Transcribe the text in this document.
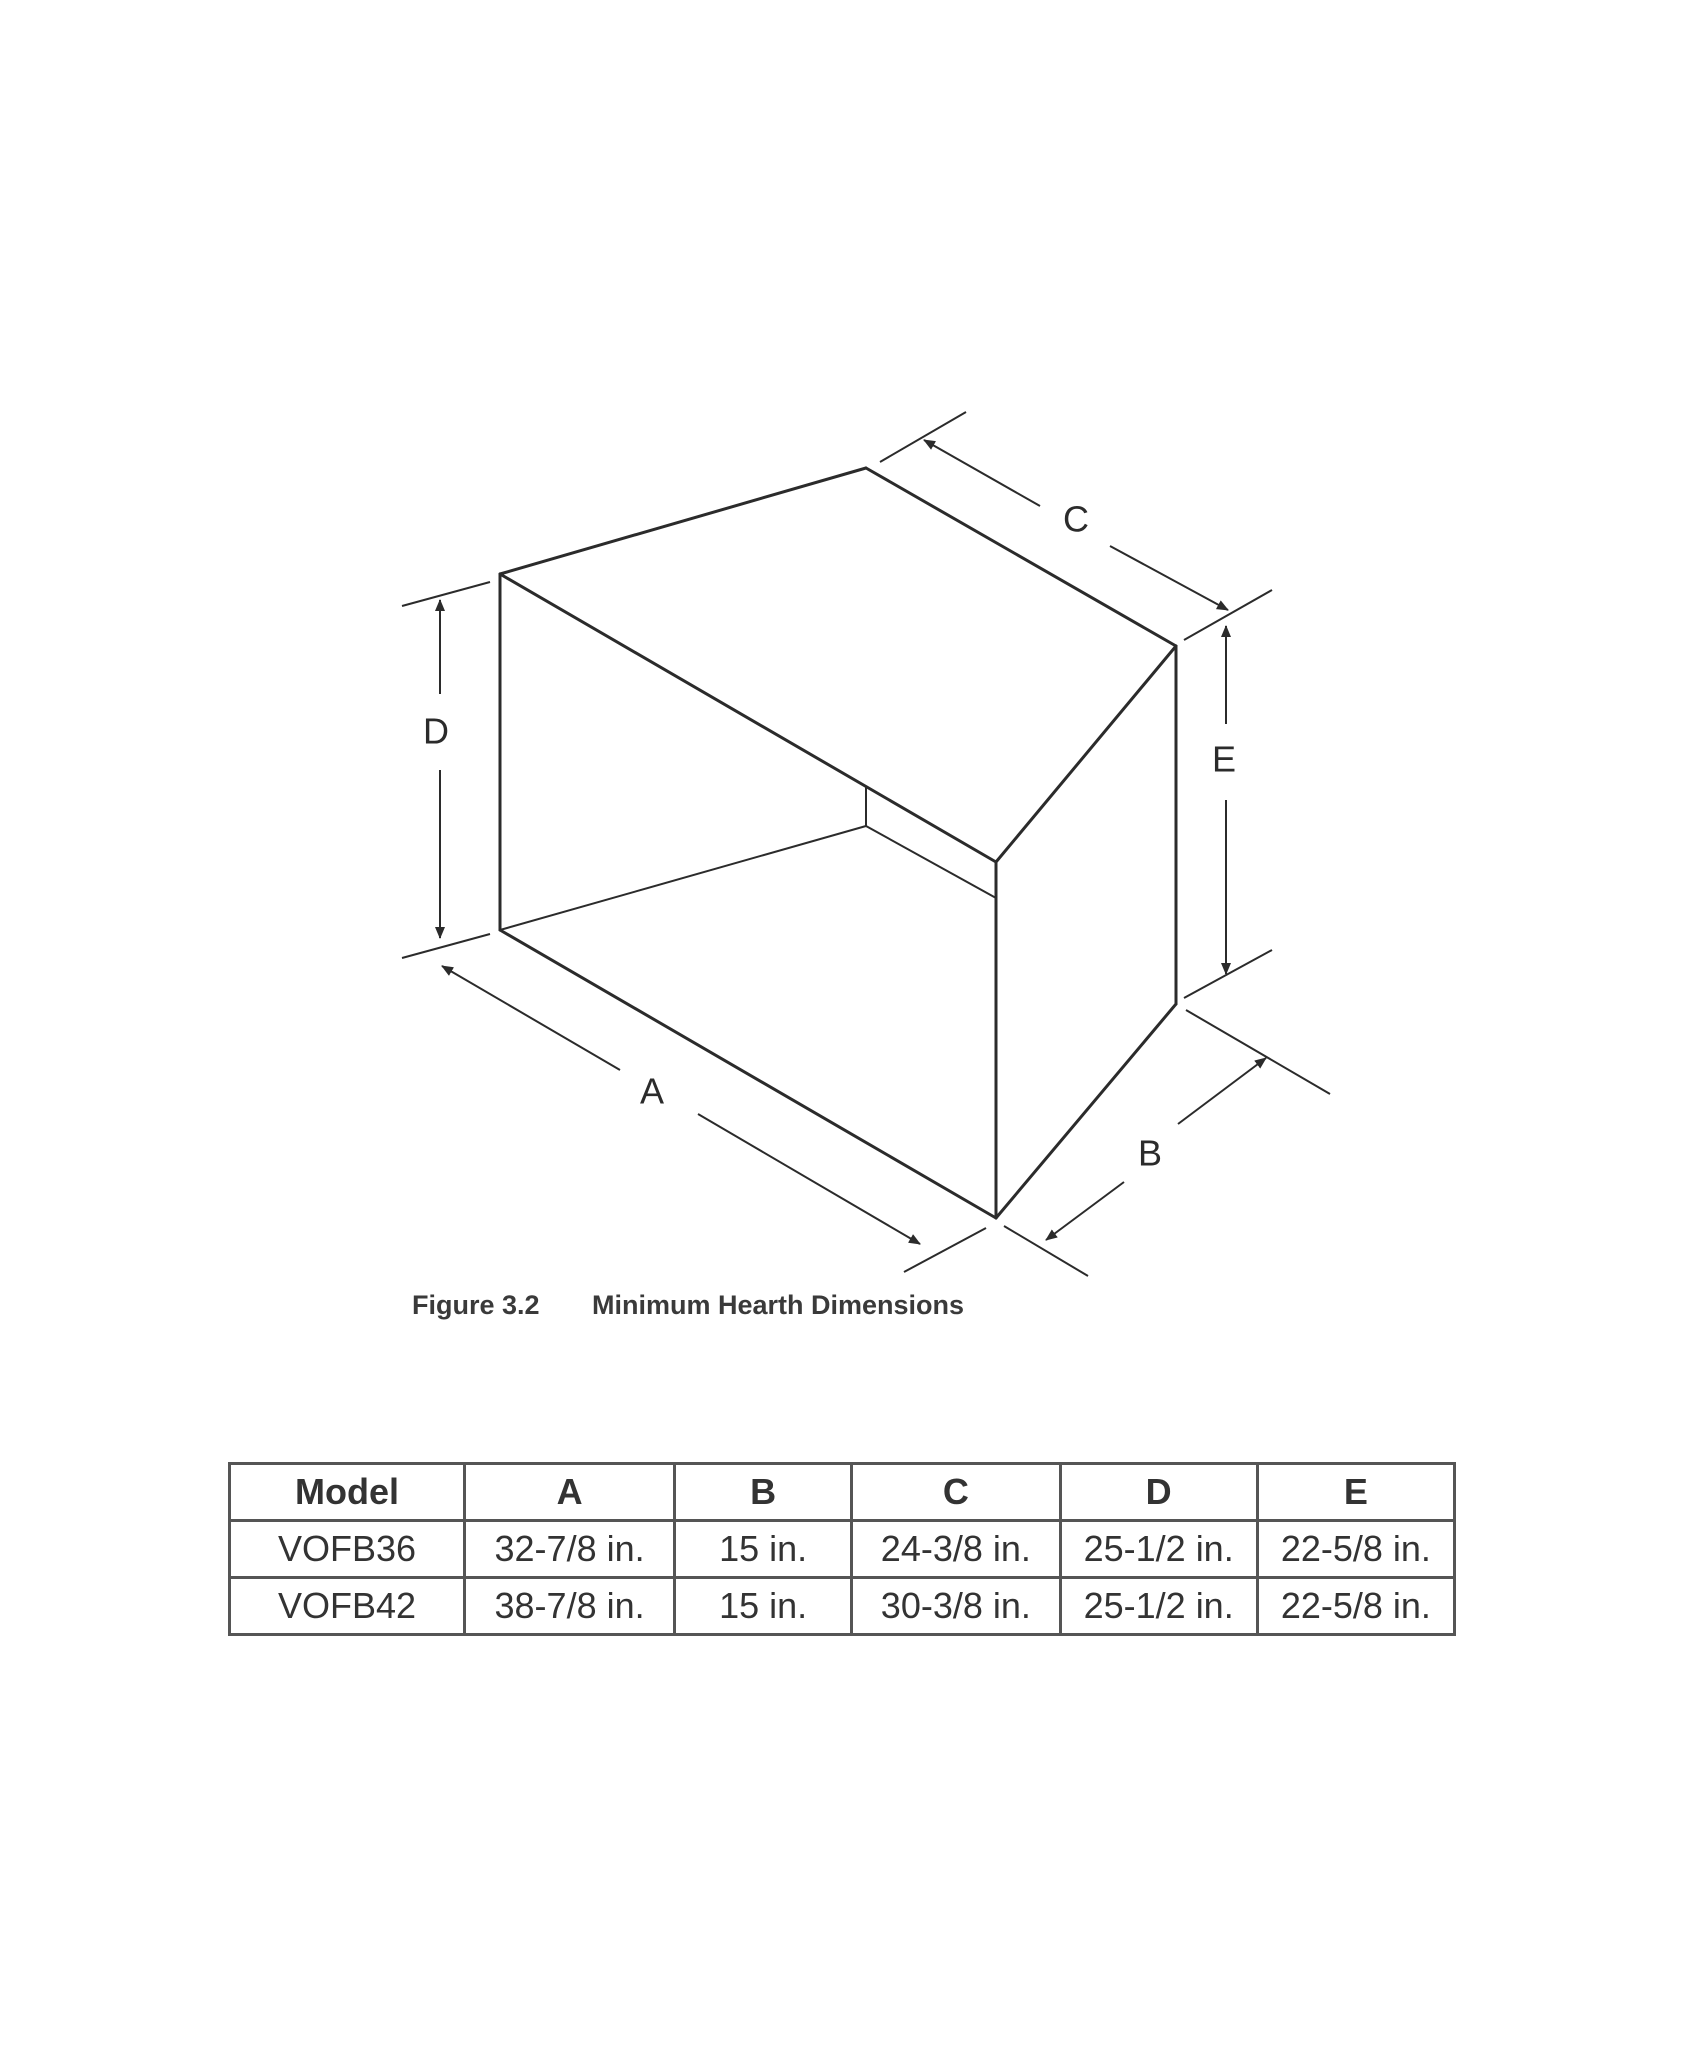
A
B
C
D
E
Figure 3.2 Minimum Hearth Dimensions
Model	A	B	C	D	E
VOFB36	32-7/8 in.	15 in.	24-3/8 in.	25-1/2 in.	22-5/8 in.
VOFB42	38-7/8 in.	15 in.	30-3/8 in.	25-1/2 in.	22-5/8 in.
